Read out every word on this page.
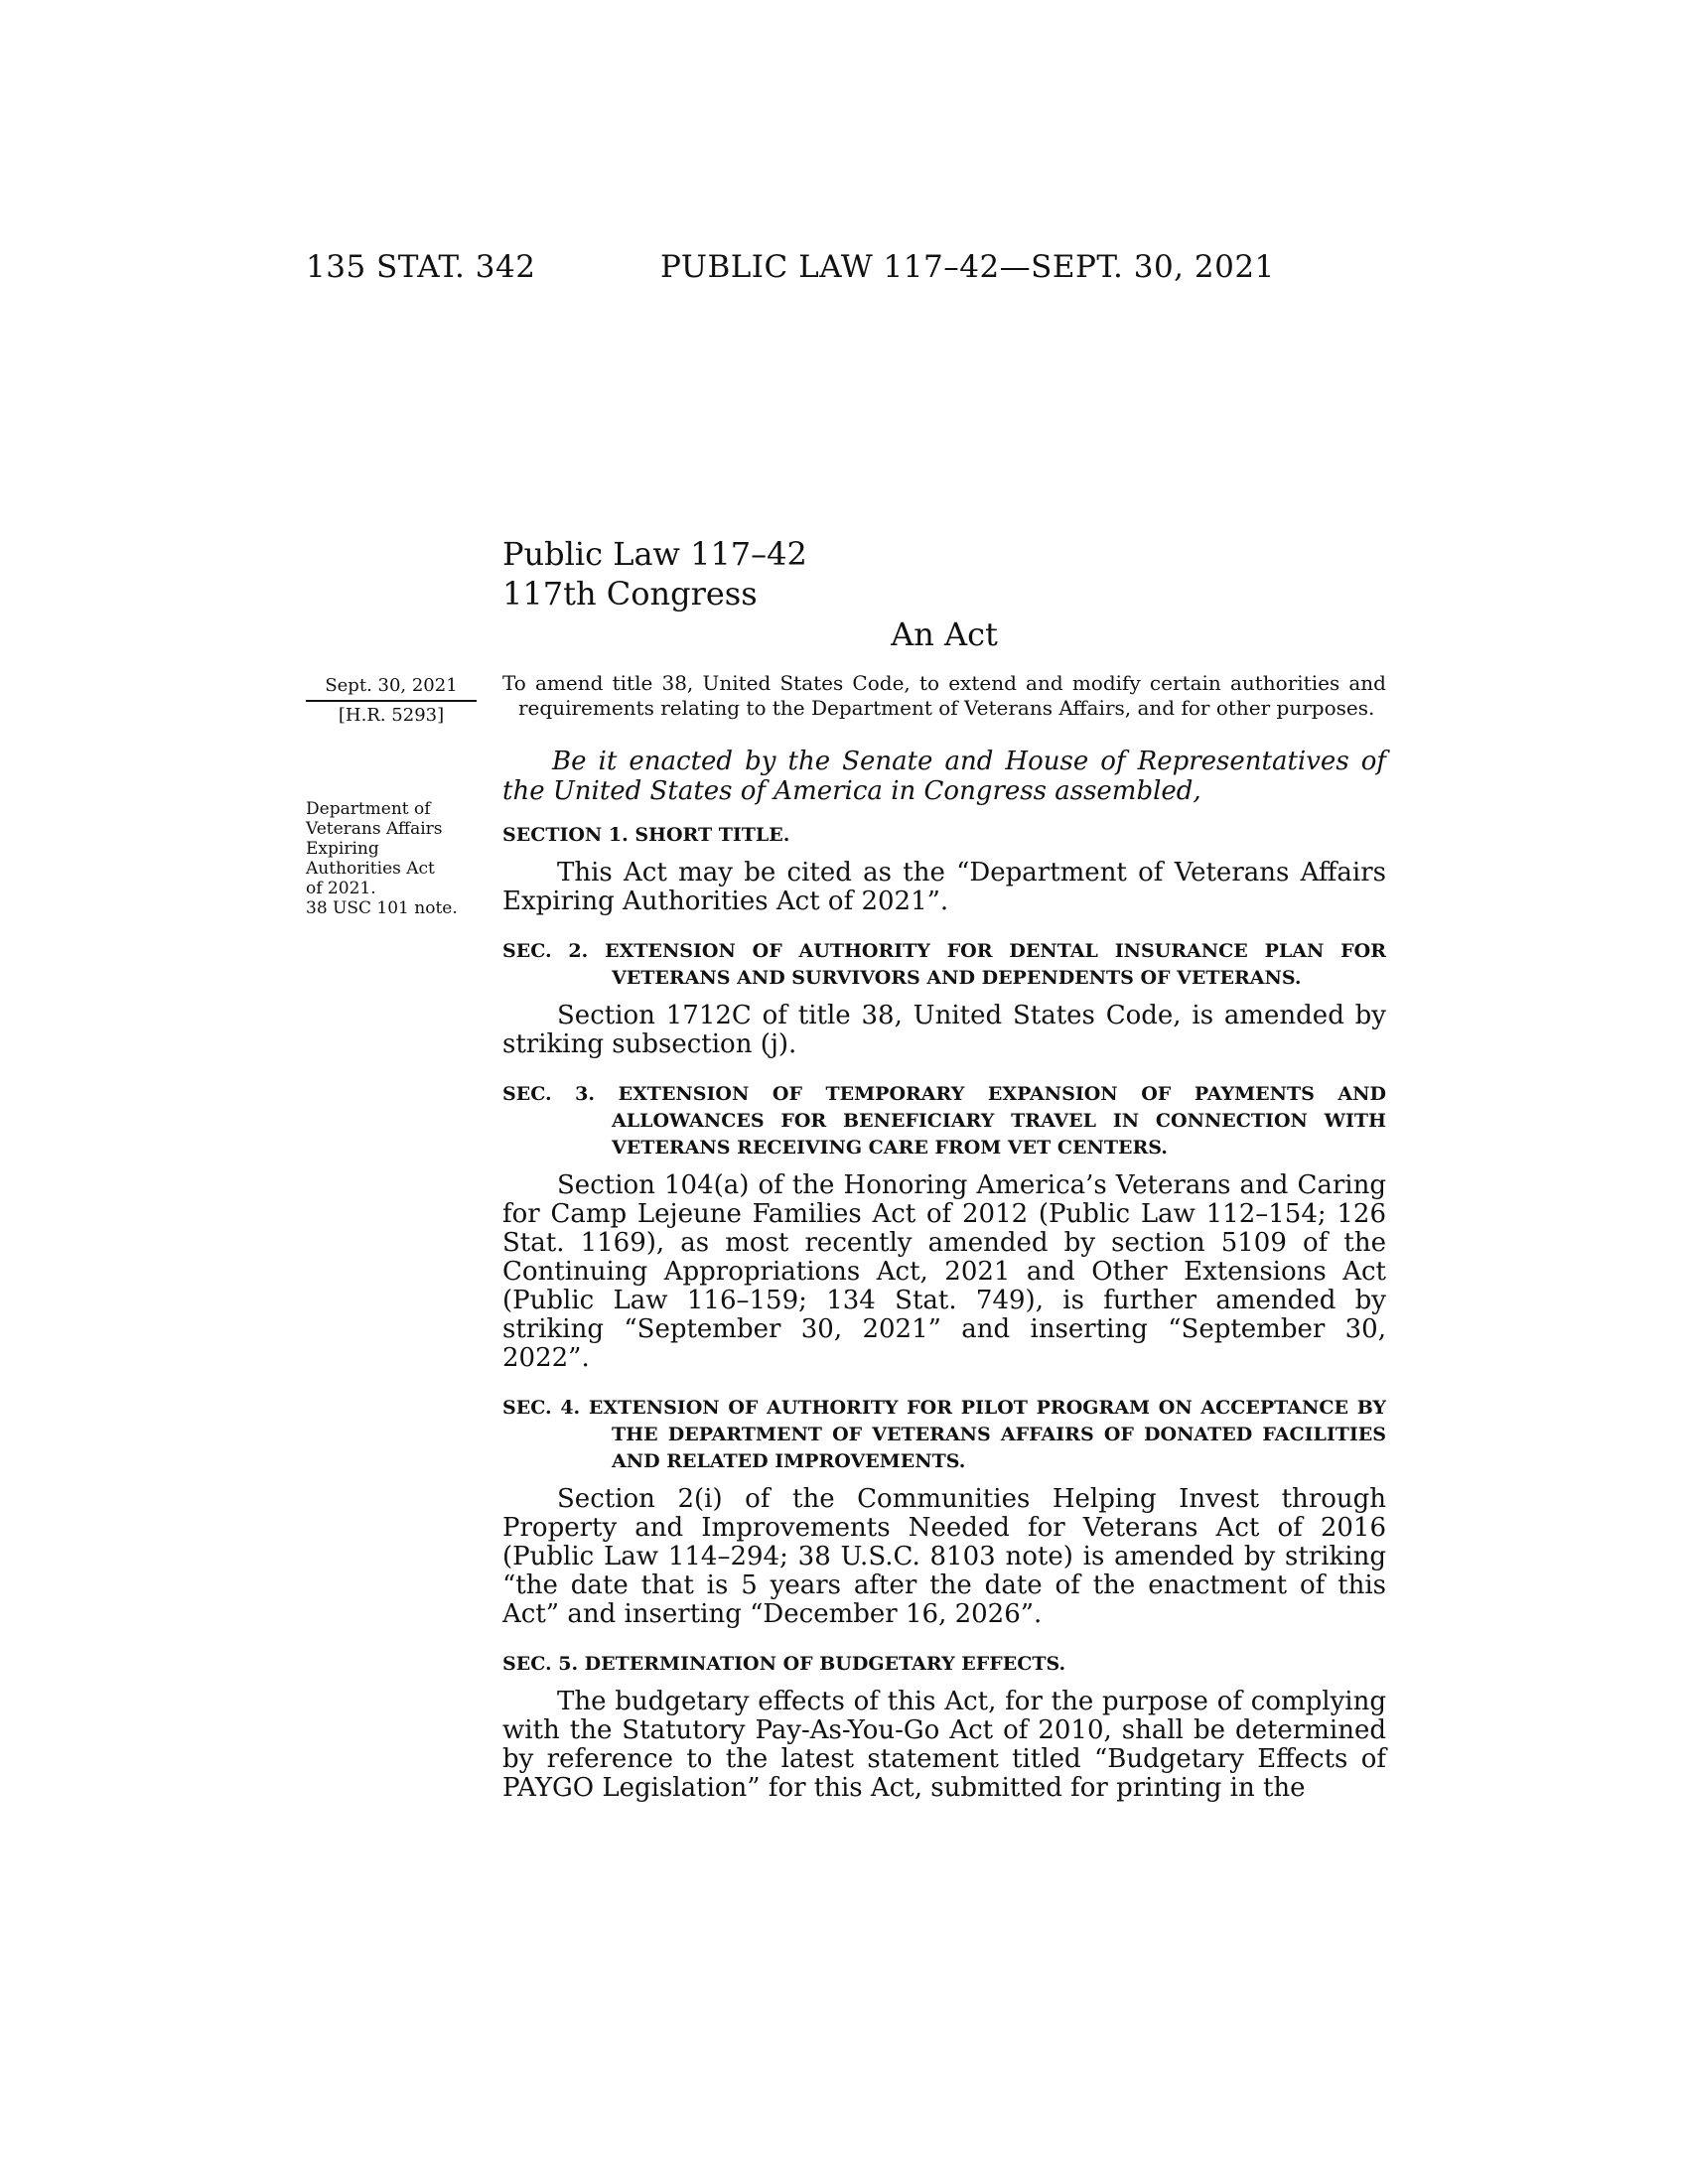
135 STAT. 342	PUBLIC LAW 117–42—SEPT. 30, 2021
Public Law 117–42
117th Congress
An Act
Sept. 30, 2021
[H.R. 5293]
Department of
Veterans Affairs
Expiring
Authorities Act
of 2021.
38 USC 101 note.

To amend title 38, United States Code, to extend and modify certain authorities and requirements relating to the Department of Veterans Affairs, and for other purposes.

Be it enacted by the Senate and House of Representatives of the United States of America in Congress assembled,

SECTION 1. SHORT TITLE.

This Act may be cited as the “Department of Veterans Affairs Expiring Authorities Act of 2021”.

SEC. 2. EXTENSION OF AUTHORITY FOR DENTAL INSURANCE PLAN FOR VETERANS AND SURVIVORS AND DEPENDENTS OF VETERANS.

Section 1712C of title 38, United States Code, is amended by striking subsection (j).

SEC. 3. EXTENSION OF TEMPORARY EXPANSION OF PAYMENTS AND ALLOWANCES FOR BENEFICIARY TRAVEL IN CONNECTION WITH VETERANS RECEIVING CARE FROM VET CENTERS.

Section 104(a) of the Honoring America’s Veterans and Caring for Camp Lejeune Families Act of 2012 (Public Law 112–154; 126 Stat. 1169), as most recently amended by section 5109 of the Continuing Appropriations Act, 2021 and Other Extensions Act (Public Law 116–159; 134 Stat. 749), is further amended by striking “September 30, 2021” and inserting “September 30, 2022”.

SEC. 4. EXTENSION OF AUTHORITY FOR PILOT PROGRAM ON ACCEPTANCE BY THE DEPARTMENT OF VETERANS AFFAIRS OF DONATED FACILITIES AND RELATED IMPROVEMENTS.

Section 2(i) of the Communities Helping Invest through Property and Improvements Needed for Veterans Act of 2016 (Public Law 114–294; 38 U.S.C. 8103 note) is amended by striking “the date that is 5 years after the date of the enactment of this Act” and inserting “December 16, 2026”.

SEC. 5. DETERMINATION OF BUDGETARY EFFECTS.

The budgetary effects of this Act, for the purpose of complying with the Statutory Pay-As-You-Go Act of 2010, shall be determined by reference to the latest statement titled “Budgetary Effects of PAYGO Legislation” for this Act, submitted for printing in the
